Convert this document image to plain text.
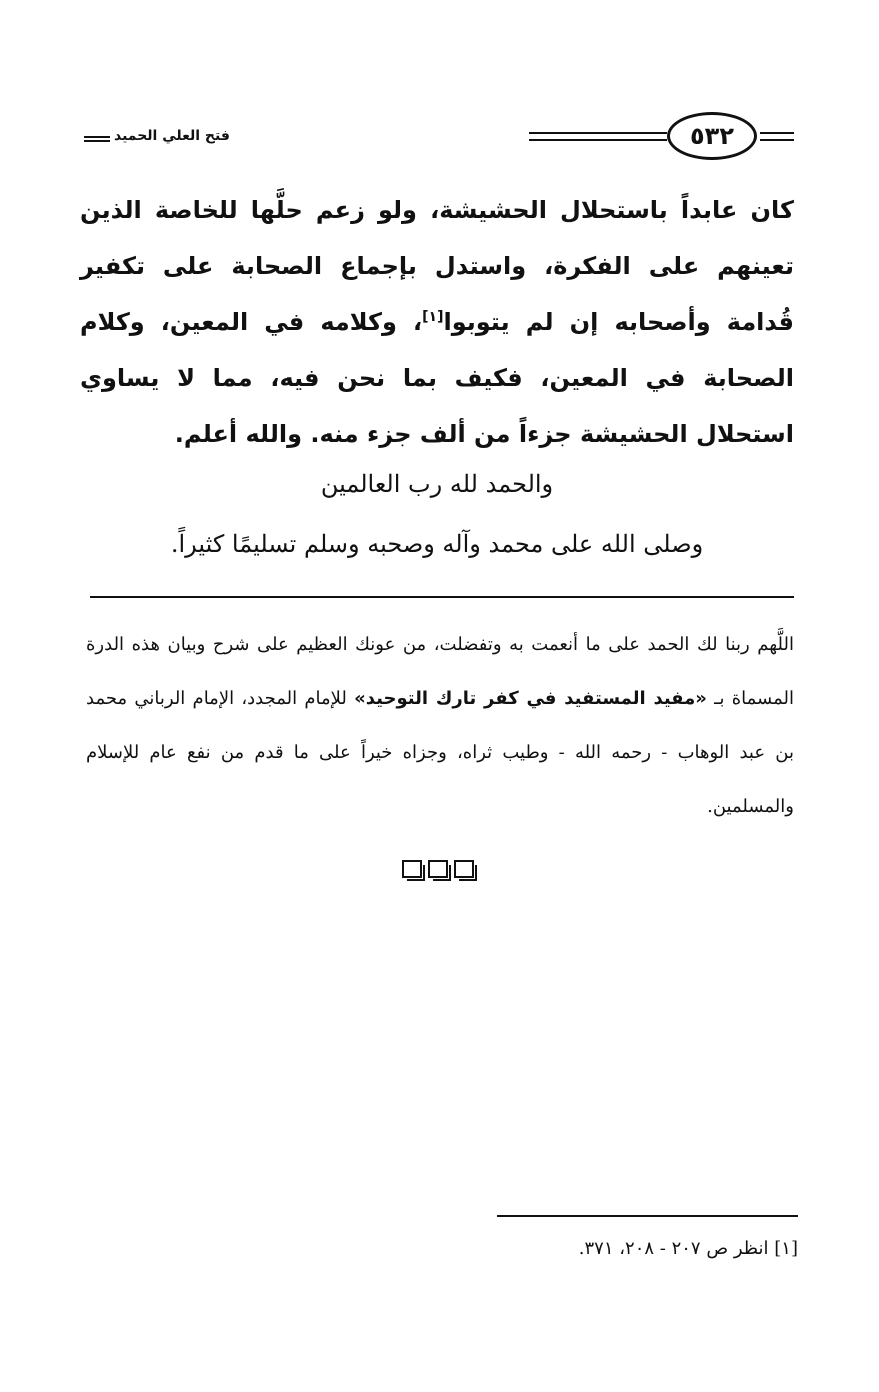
فتح العلي الحميد	٥٣٢

كان عابداً باستحلال الحشيشة، ولو زعم حلَّها للخاصة الذين تعينهم على الفكرة، واستدل بإجماع الصحابة على تكفير قُدامة وأصحابه إن لم يتوبوا[١]، وكلامه في المعين، وكلام الصحابة في المعين، فكيف بما نحن فيه، مما لا يساوي استحلال الحشيشة جزءاً من ألف جزء منه. والله أعلم.

والحمد لله رب العالمين
وصلى الله على محمد وآله وصحبه وسلم تسليمًا كثيراً.

اللَّهم ربنا لك الحمد على ما أنعمت به وتفضلت، من عونك العظيم على شرح وبيان هذه الدرة المسماة بـ «مفيد المستفيد في كفر تارك التوحيد» للإمام المجدد، الإمام الرباني محمد بن عبد الوهاب - رحمه الله - وطيب ثراه، وجزاه خيراً على ما قدم من نفع عام للإسلام والمسلمين.

[١] انظر ص ٢٠٧ - ٢٠٨، ٣٧١.
